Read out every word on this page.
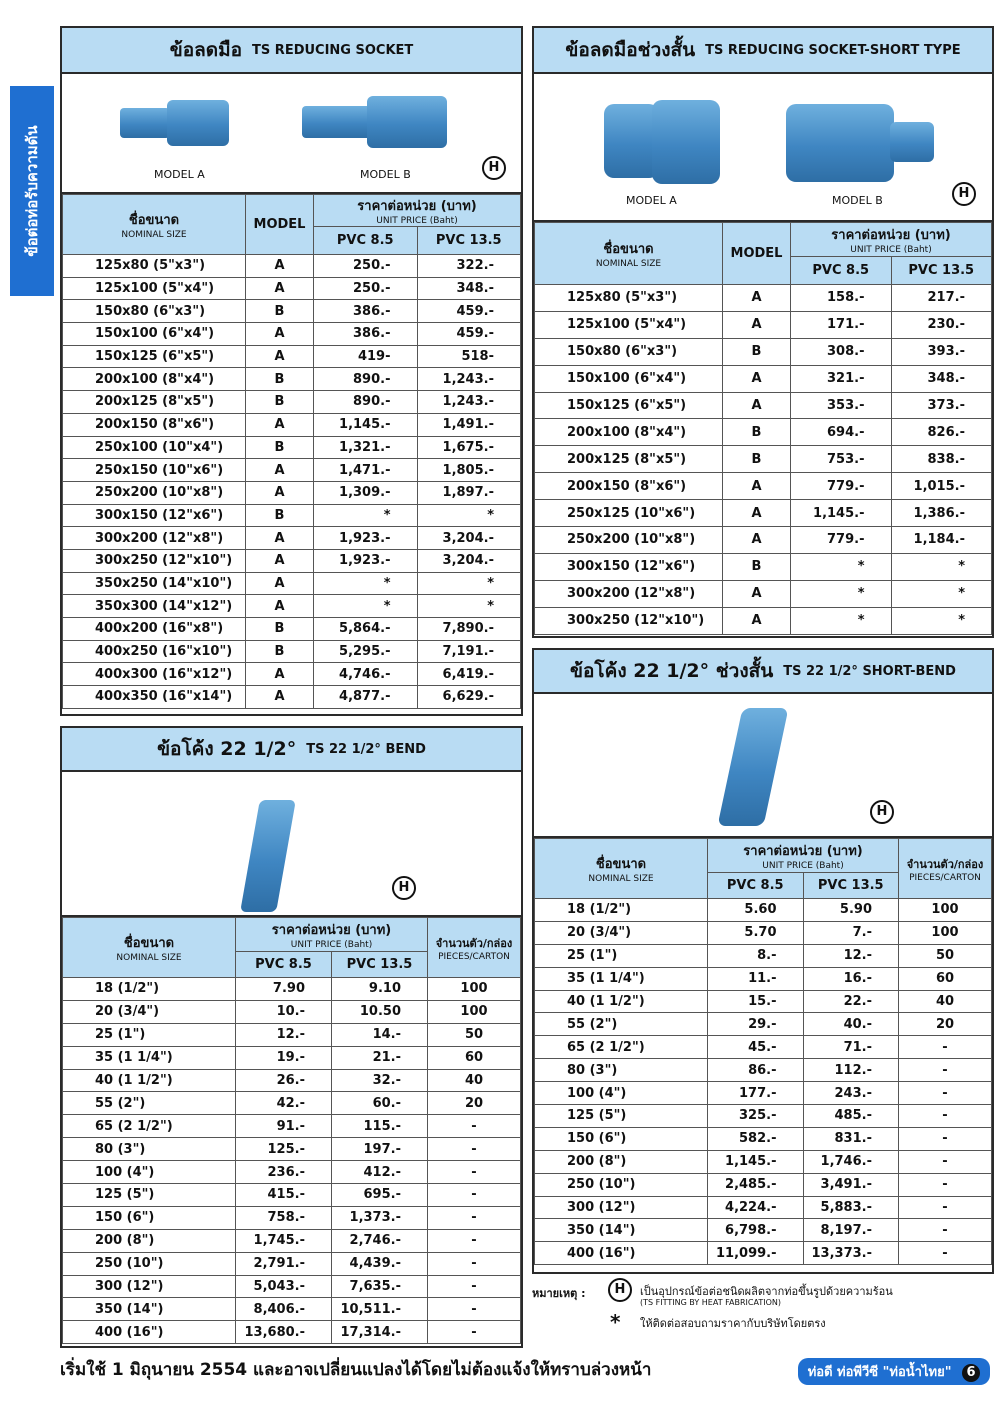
ข้อต่อท่อรับความดัน
ข้อลดมือ TS REDUCING SOCKET
MODEL A	MODEL B	H
ชื่อขนาด
NOMINAL SIZE	MODEL	ราคาต่อหน่วย (บาท)
UNIT PRICE (Baht)	

		PVC 8.5	PVC 13.5
125x80 (5"x3")	A	250.-	322.-
125x100 (5"x4")	A	250.-	348.-
150x80 (6"x3")	B	386.-	459.-
150x100 (6"x4")	A	386.-	459.-
150x125 (6"x5")	A	419-	518-
200x100 (8"x4")	B	890.-	1,243.-
200x125 (8"x5")	B	890.-	1,243.-
200x150 (8"x6")	A	1,145.-	1,491.-
250x100 (10"x4")	B	1,321.-	1,675.-
250x150 (10"x6")	A	1,471.-	1,805.-
250x200 (10"x8")	A	1,309.-	1,897.-
300x150 (12"x6")	B	*	*
300x200 (12"x8")	A	1,923.-	3,204.-
300x250 (12"x10")	A	1,923.-	3,204.-
350x250 (14"x10")	A	*	*
350x300 (14"x12")	A	*	*
400x200 (16"x8")	B	5,864.-	7,890.-
400x250 (16"x10")	B	5,295.-	7,191.-
400x300 (16"x12")	A	4,746.-	6,419.-
400x350 (16"x14")	A	4,877.-	6,629.-
ข้อลดมือช่วงสั้น TS REDUCING SOCKET-SHORT TYPE
MODEL A	MODEL B	H
ชื่อขนาด
NOMINAL SIZE	MODEL	ราคาต่อหน่วย (บาท)
UNIT PRICE (Baht)	

		PVC 8.5	PVC 13.5
125x80 (5"x3")	A	158.-	217.-
125x100 (5"x4")	A	171.-	230.-
150x80 (6"x3")	B	308.-	393.-
150x100 (6"x4")	A	321.-	348.-
150x125 (6"x5")	A	353.-	373.-
200x100 (8"x4")	B	694.-	826.-
200x125 (8"x5")	B	753.-	838.-
200x150 (8"x6")	A	779.-	1,015.-
250x125 (10"x6")	A	1,145.-	1,386.-
250x200 (10"x8")	A	779.-	1,184.-
300x150 (12"x6")	B	*	*
300x200 (12"x8")	A	*	*
300x250 (12"x10")	A	*	*
ข้อโค้ง 22 1/2° TS 22 1/2° BEND
H
ชื่อขนาด
NOMINAL SIZE	ราคาต่อหน่วย (บาท)
UNIT PRICE (Baht)		จำนวนตัว/กล่อง
PIECES/CARTON

	PVC 8.5	PVC 13.5	
18 (1/2")	7.90	9.10	100
20 (3/4")	10.-	10.50	100
25 (1")	12.-	14.-	50
35 (1 1/4")	19.-	21.-	60
40 (1 1/2")	26.-	32.-	40
55 (2")	42.-	60.-	20
65 (2 1/2")	91.-	115.-	-
80 (3")	125.-	197.-	-
100 (4")	236.-	412.-	-
125 (5")	415.-	695.-	-
150 (6")	758.-	1,373.-	-
200 (8")	1,745.-	2,746.-	-
250 (10")	2,791.-	4,439.-	-
300 (12")	5,043.-	7,635.-	-
350 (14")	8,406.-	10,511.-	-
400 (16")	13,680.-	17,314.-	-
ข้อโค้ง 22 1/2° ช่วงสั้น TS 22 1/2° SHORT-BEND
H
ชื่อขนาด
NOMINAL SIZE	ราคาต่อหน่วย (บาท)
UNIT PRICE (Baht)		จำนวนตัว/กล่อง
PIECES/CARTON

	PVC 8.5	PVC 13.5	
18 (1/2")	5.60	5.90	100
20 (3/4")	5.70	7.-	100
25 (1")	8.-	12.-	50
35 (1 1/4")	11.-	16.-	60
40 (1 1/2")	15.-	22.-	40
55 (2")	29.-	40.-	20
65 (2 1/2")	45.-	71.-	-
80 (3")	86.-	112.-	-
100 (4")	177.-	243.-	-
125 (5")	325.-	485.-	-
150 (6")	582.-	831.-	-
200 (8")	1,145.-	1,746.-	-
250 (10")	2,485.-	3,491.-	-
300 (12")	4,224.-	5,883.-	-
350 (14")	6,798.-	8,197.-	-
400 (16")	11,099.-	13,373.-	-
หมายเหตุ :	H	เป็นอุปกรณ์ข้อต่อชนิดผลิตจากท่อขึ้นรูปด้วยความร้อน
(TS FITTING BY HEAT FABRICATION)
* ให้ติดต่อสอบถามราคากับบริษัทโดยตรง
เริ่มใช้ 1 มิถุนายน 2554 และอาจเปลี่ยนแปลงได้โดยไม่ต้องแจ้งให้ทราบล่วงหน้า	ท่อดี ท่อพีวีซี "ท่อน้ำไทย" 6
